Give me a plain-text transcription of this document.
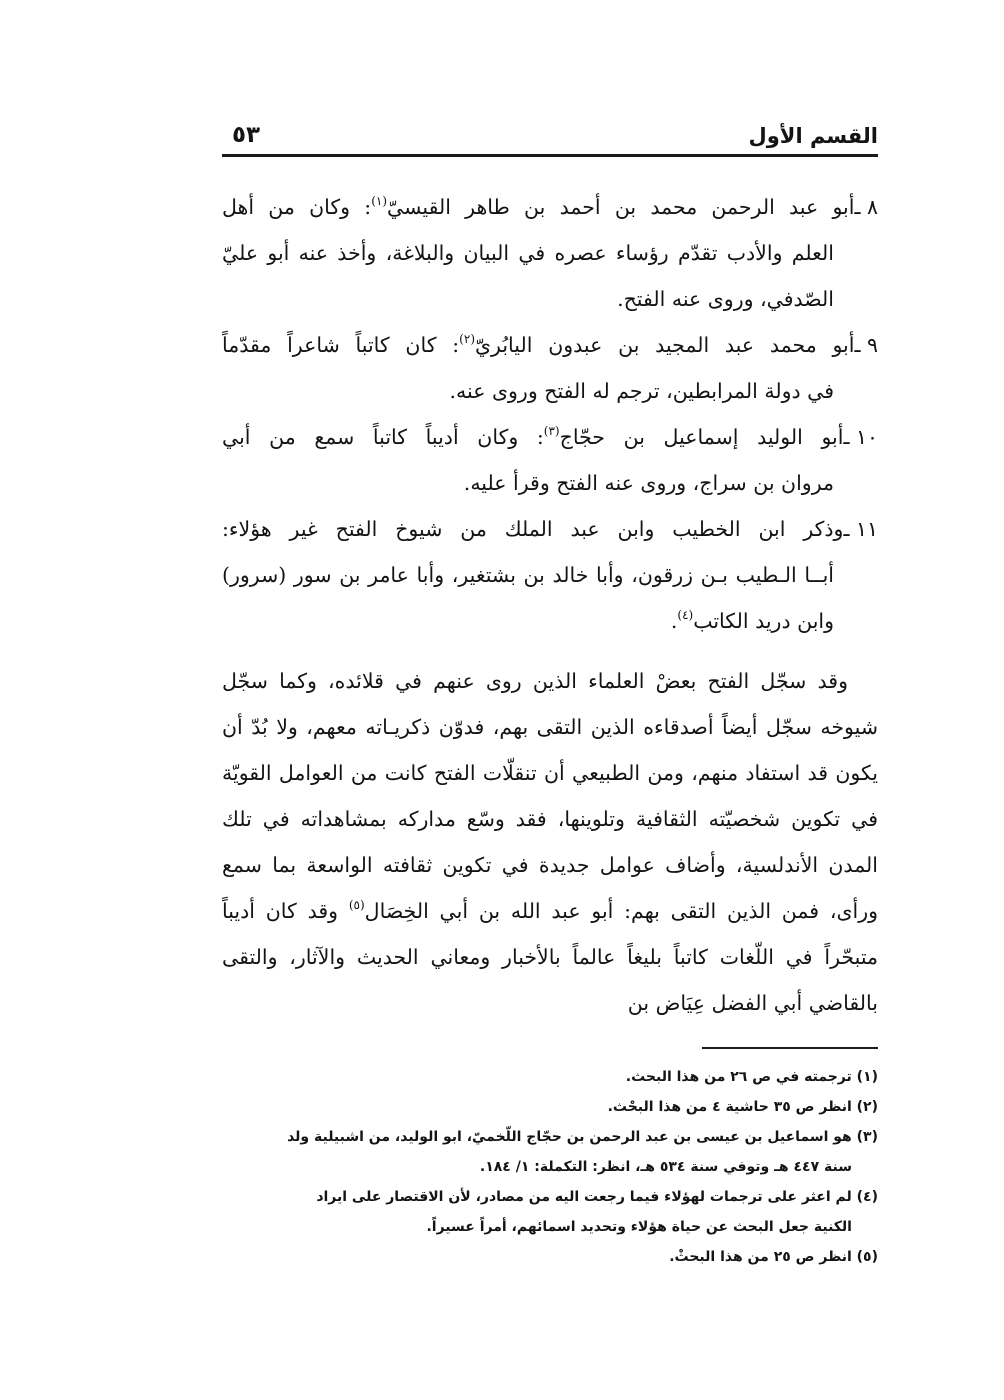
القسم الأول
٥٣
٨ ـ
أبو عبد الرحمن محمد بن أحمد بن طاهر القيسيّ$^{(١)}$: وكان من أهل
العلم والأدب تقدّم رؤساء عصره في البيان والبلاغة، وأخذ عنه أبو عليّ الصّدفي، وروى عنه الفتح.
٩ ـ
أبو محمد عبد المجيد بن عبدون اليابُريّ$^{(٢)}$: كان كاتباً شاعراً مقدّماً
في دولة المرابطين، ترجم له الفتح وروى عنه.
١٠ ـ
أبو الوليد إسماعيل بن حجّاج$^{(٣)}$: وكان أديباً كاتباً سمع من أبي
مروان بن سراج، وروى عنه الفتح وقرأ عليه.
١١ ـ
وذكر ابن الخطيب وابن عبد الملك من شيوخ الفتح غير هؤلاء:
أبــا الـطيب بـن زرقون، وأبا خالد بن بشتغير، وأبا عامر بن سور (سرور) وابن دريد الكاتب$^{(٤)}$.
وقد سجّل الفتح بعضْ العلماء الذين روى عنهم في قلائده، وكما سجّل شيوخه سجّل أيضاً أصدقاءه الذين التقى بهم، فدوّن ذكريـاته معهم، ولا بُدّ أن يكون قد استفاد منهم، ومن الطبيعي أن تنقلّات الفتح كانت من العوامل القويّة في تكوين شخصيّته الثقافية وتلوينها، فقد وسّع مداركه بمشاهداته في تلك المدن الأندلسية، وأضاف عوامل جديدة في تكوين ثقافته الواسعة بما سمع ورأى، فمن الذين التقى بهم: أبو عبد الله بن أبي الخِصَال$^{(٥)}$ وقد كان أديباً متبحّراً في اللّغات كاتباً بليغاً عالماً بالأخبار ومعاني الحديث والآثار، والتقى بالقاضي أبي الفضل عِيَاض بن
(١) ترجمته في ص ٢٦ من هذا البحث.
(٢) انظر ص ٣٥ حاشية ٤ من هذا البحْث.
(٣) هو اسماعيل بن عيسى بن عبد الرحمن بن حجّاج اللّخميّ، ابو الوليد، من اشبيلية ولد
سنة ٤٤٧ هـ وتوفي سنة ٥٣٤ هـ، انظر: التكملة: ١/ ١٨٤.
(٤) لم اعثر على ترجمات لهؤلاء فيما رجعت اليه من مصادر، لأن الاقتصار على ايراد
الكنية جعل البحث عن حياة هؤلاء وتحديد اسمائهم، أمراً عسيراً.
(٥) انظر ص ٢٥ من هذا البحثْ.
